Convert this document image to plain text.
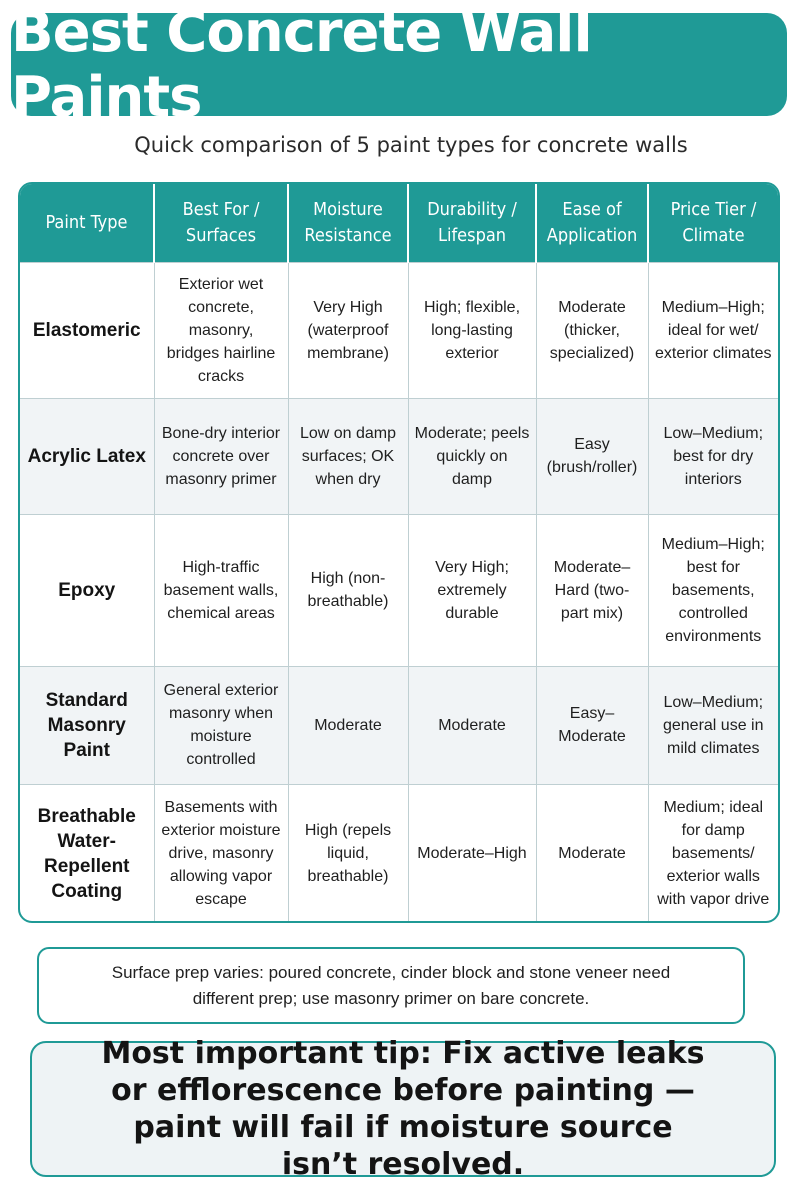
Best Concrete Wall Paints
Quick comparison of 5 paint types for concrete walls
Paint Type	Best For / Surfaces	Moisture Resistance	Durability / Lifespan	Ease of Application	Price Tier / Climate
Elastomeric	Exterior wet concrete, masonry, bridges hairline cracks	Very High (waterproof membrane)	High; flexible, long-lasting exterior	Moderate (thicker, specialized)	Medium–High; ideal for wet/ exterior climates
Acrylic Latex	Bone-dry interior concrete over masonry primer	Low on damp surfaces; OK when dry	Moderate; peels quickly on damp	Easy (brush/roller)	Low–Medium; best for dry interiors
Epoxy	High-traffic basement walls, chemical areas	High (non-breathable)	Very High; extremely durable	Moderate–Hard (two-part mix)	Medium–High; best for basements, controlled environments
Standard Masonry Paint	General exterior masonry when moisture controlled	Moderate	Moderate	Easy–Moderate	Low–Medium; general use in mild climates
Breathable Water-Repellent Coating	Basements with exterior moisture drive, masonry allowing vapor escape	High (repels liquid, breathable)	Moderate–High	Moderate	Medium; ideal for damp basements/ exterior walls with vapor drive
Surface prep varies: poured concrete, cinder block and stone veneer need different prep; use masonry primer on bare concrete.
Most important tip: Fix active leaks or efflorescence before painting — paint will fail if moisture source isn’t resolved.
